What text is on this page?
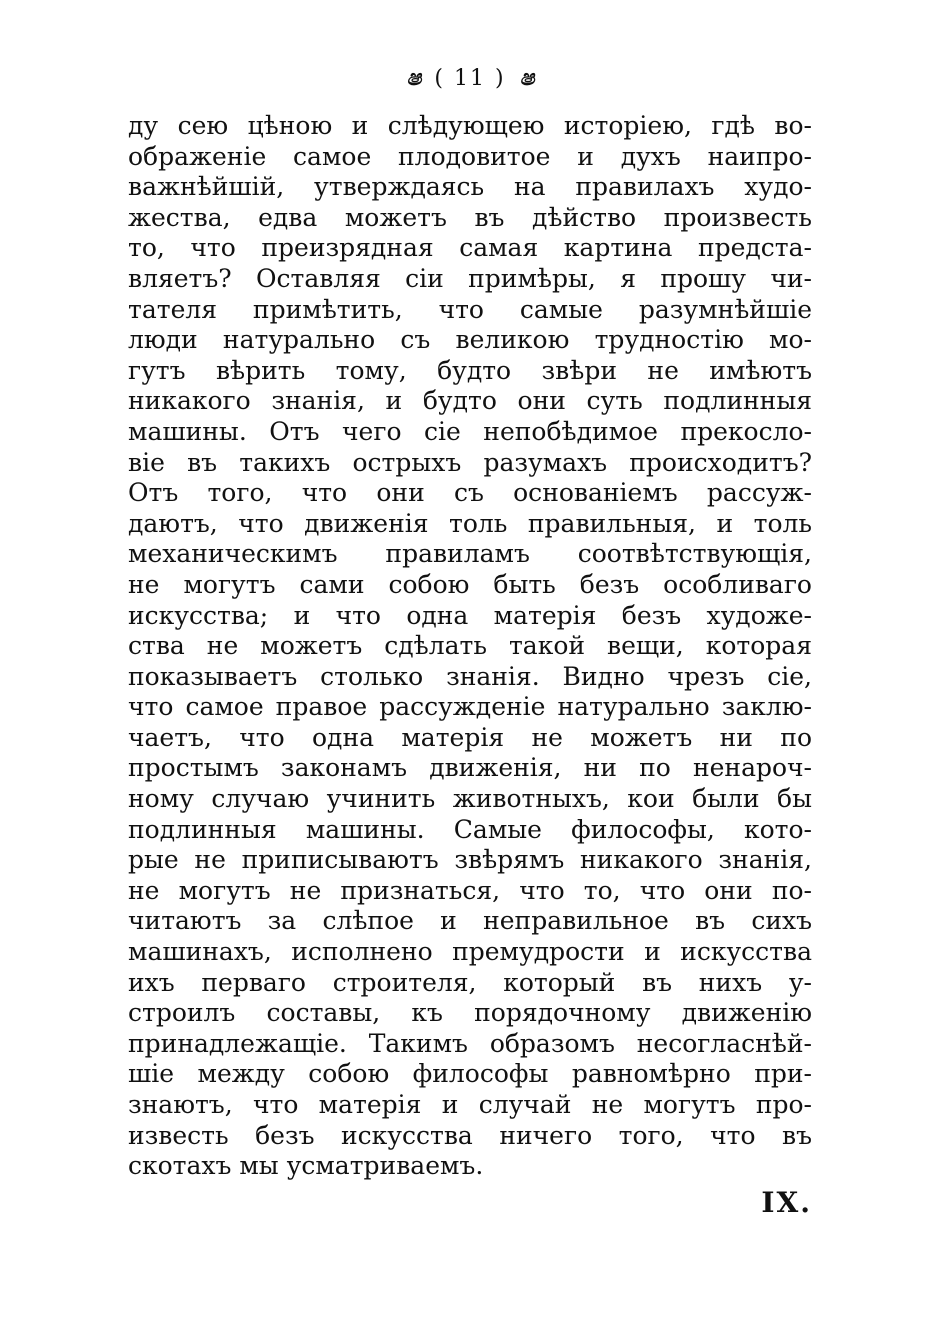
ෂ ( 11 ) ෂ
ду сею цѣною и слѣдующею исторіею, гдѣ во-
ображеніе самое плодовитое и духъ наипро-
важнѣйшій, утверждаясь на правилахъ худо-
жества, едва можетъ въ дѣйство произвесть
то, что преизрядная самая картина предста-
вляетъ? Оставляя сіи примѣры, я прошу чи-
тателя примѣтить, что самые разумнѣйшіе
люди натурально съ великою трудностію мо-
гутъ вѣрить тому, будто звѣри не имѣютъ
никакого знанія, и будто они суть подлинныя
машины. Отъ чего сіе непобѣдимое прекосло-
віе въ такихъ острыхъ разумахъ происходитъ?
Отъ того, что они съ основаніемъ рассуж-
даютъ, что движенія толь правильныя, и толь
механическимъ правиламъ соотвѣтствующія,
не могутъ сами собою быть безъ особливаго
искусства; и что одна матерія безъ художе-
ства не можетъ сдѣлать такой вещи, которая
показываетъ столько знанія. Видно чрезъ сіе,
что самое правое рассужденіе натурально заклю-
чаетъ, что одна матерія не можетъ ни по
простымъ законамъ движенія, ни по ненароч-
ному случаю учинить животныхъ, кои были бы
подлинныя машины. Самые философы, кото-
рые не приписываютъ звѣрямъ никакого знанія,
не могутъ не признаться, что то, что они по-
читаютъ за слѣпое и неправильное въ сихъ
машинахъ, исполнено премудрости и искусства
ихъ перваго строителя, который въ нихъ у-
строилъ составы, къ порядочному движенію
принадлежащіе. Такимъ образомъ несогласнѣй-
шіе между собою философы равномѣрно при-
знаютъ, что матерія и случай не могутъ про-
известь безъ искусства ничего того, что въ
скотахъ мы усматриваемъ.
IX.
